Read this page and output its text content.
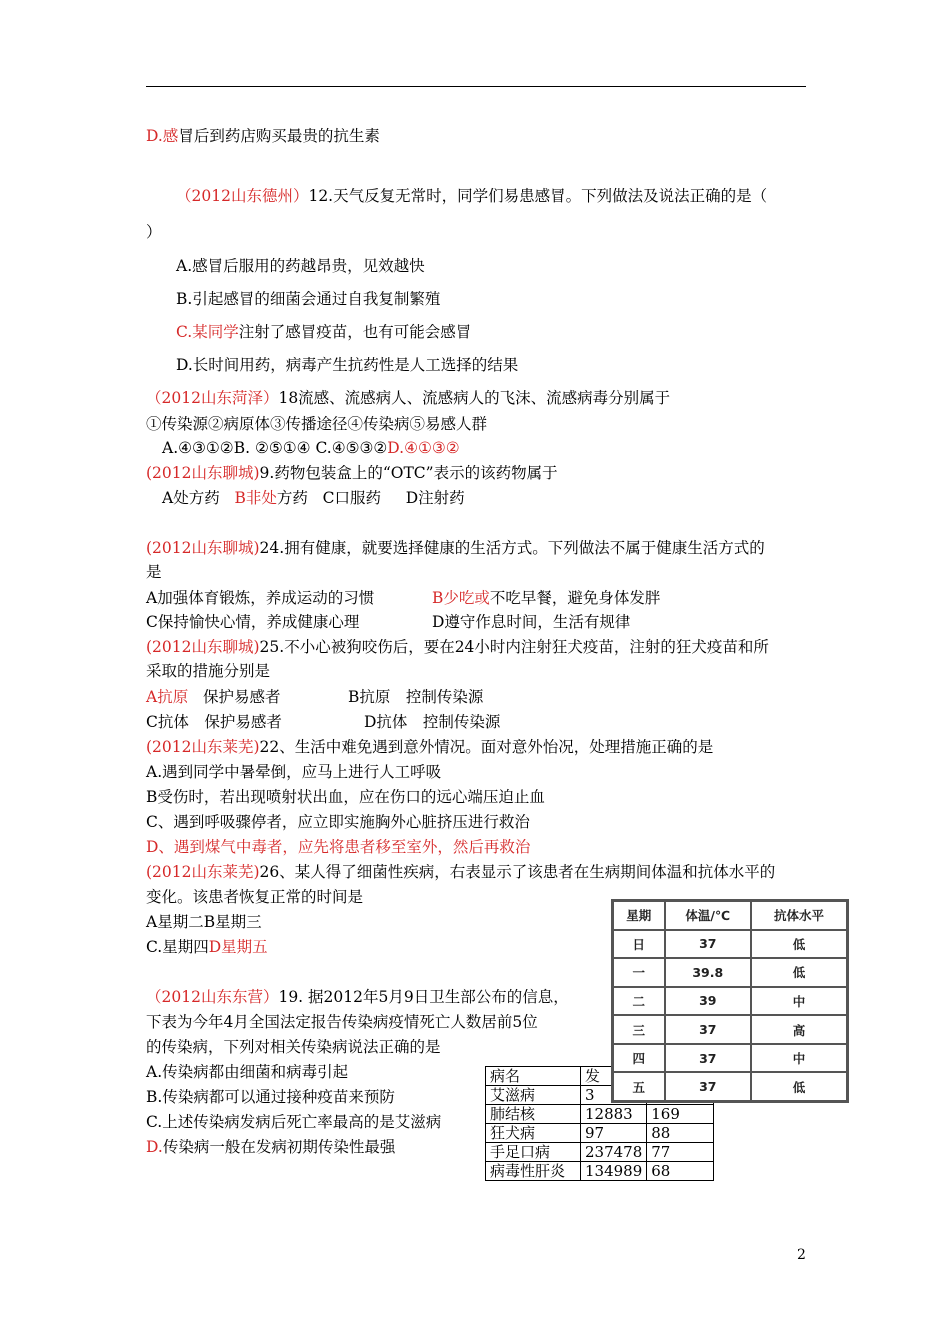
D.感冒后到药店购买最贵的抗生素
（2012山东德州）12.天气反复无常时，同学们易患感冒。下列做法及说法正确的是（
）
A.感冒后服用的药越昂贵，见效越快
B.引起感冒的细菌会通过自我复制繁殖
C.某同学注射了感冒疫苗，也有可能会感冒
D.长时间用药，病毒产生抗药性是人工选择的结果
（2012山东菏泽）18流感、流感病人、流感病人的飞沫、流感病毒分别属于
①传染源②病原体③传播途径④传染病⑤易感人群
A.④③①②B. ②⑤①④ C.④⑤③②D.④①③②
(2012山东聊城)9.药物包装盒上的“OTC”表示的该药物属于
A处方药 B非处方药 C口服药 D注射药
(2012山东聊城)24.拥有健康，就要选择健康的生活方式。下列做法不属于健康生活方式的
是
A加强体育锻炼，养成运动的习惯	B少吃或不吃早餐，避免身体发胖
C保持愉快心情，养成健康心理	D遵守作息时间，生活有规律
(2012山东聊城)25.不小心被狗咬伤后，要在24小时内注射狂犬疫苗，注射的狂犬疫苗和所
采取的措施分别是
A抗原 保护易感者	B抗原　控制传染源
C抗体　保护易感者	D抗体　控制传染源
(2012山东莱芜)22、生活中难免遇到意外情况。面对意外怡况，处理措施正确的是
A.遇到同学中暑晕倒，应马上进行人工呼吸
B受伤时，若出现喷射状出血，应在伤口的远心端压迫止血
C、遇到呼吸骤停者，应立即实施胸外心脏挤压进行救治
D、遇到煤气中毒者，应先将患者移至室外，然后再救治
(2012山东莱芜)26、某人得了细菌性疾病，右表显示了该患者在生病期间体温和抗体水平的
变化。该患者恢复正常的时间是
A星期二B星期三
C.星期四D星期五
（2012山东东营）19. 据2012年5月9日卫生部公布的信息，
下表为今年4月全国法定报告传染病疫情死亡人数居前5位
的传染病，下列对相关传染病说法正确的是
A.传染病都由细菌和病毒引起
B.传染病都可以通过接种疫苗来预防
C.上述传染病发病后死亡率最高的是艾滋病
D.传染病一般在发病初期传染性最强
病名	发	
艾滋病	3	
肺结核	12883	169
狂犬病	97	88
手足口病	237478	77
病毒性肝炎	134989	68
星期	体温/℃	抗体水平
日	37	低
一	39.8	低
二	39	中
三	37	高
四	37	中
五	37	低
2
